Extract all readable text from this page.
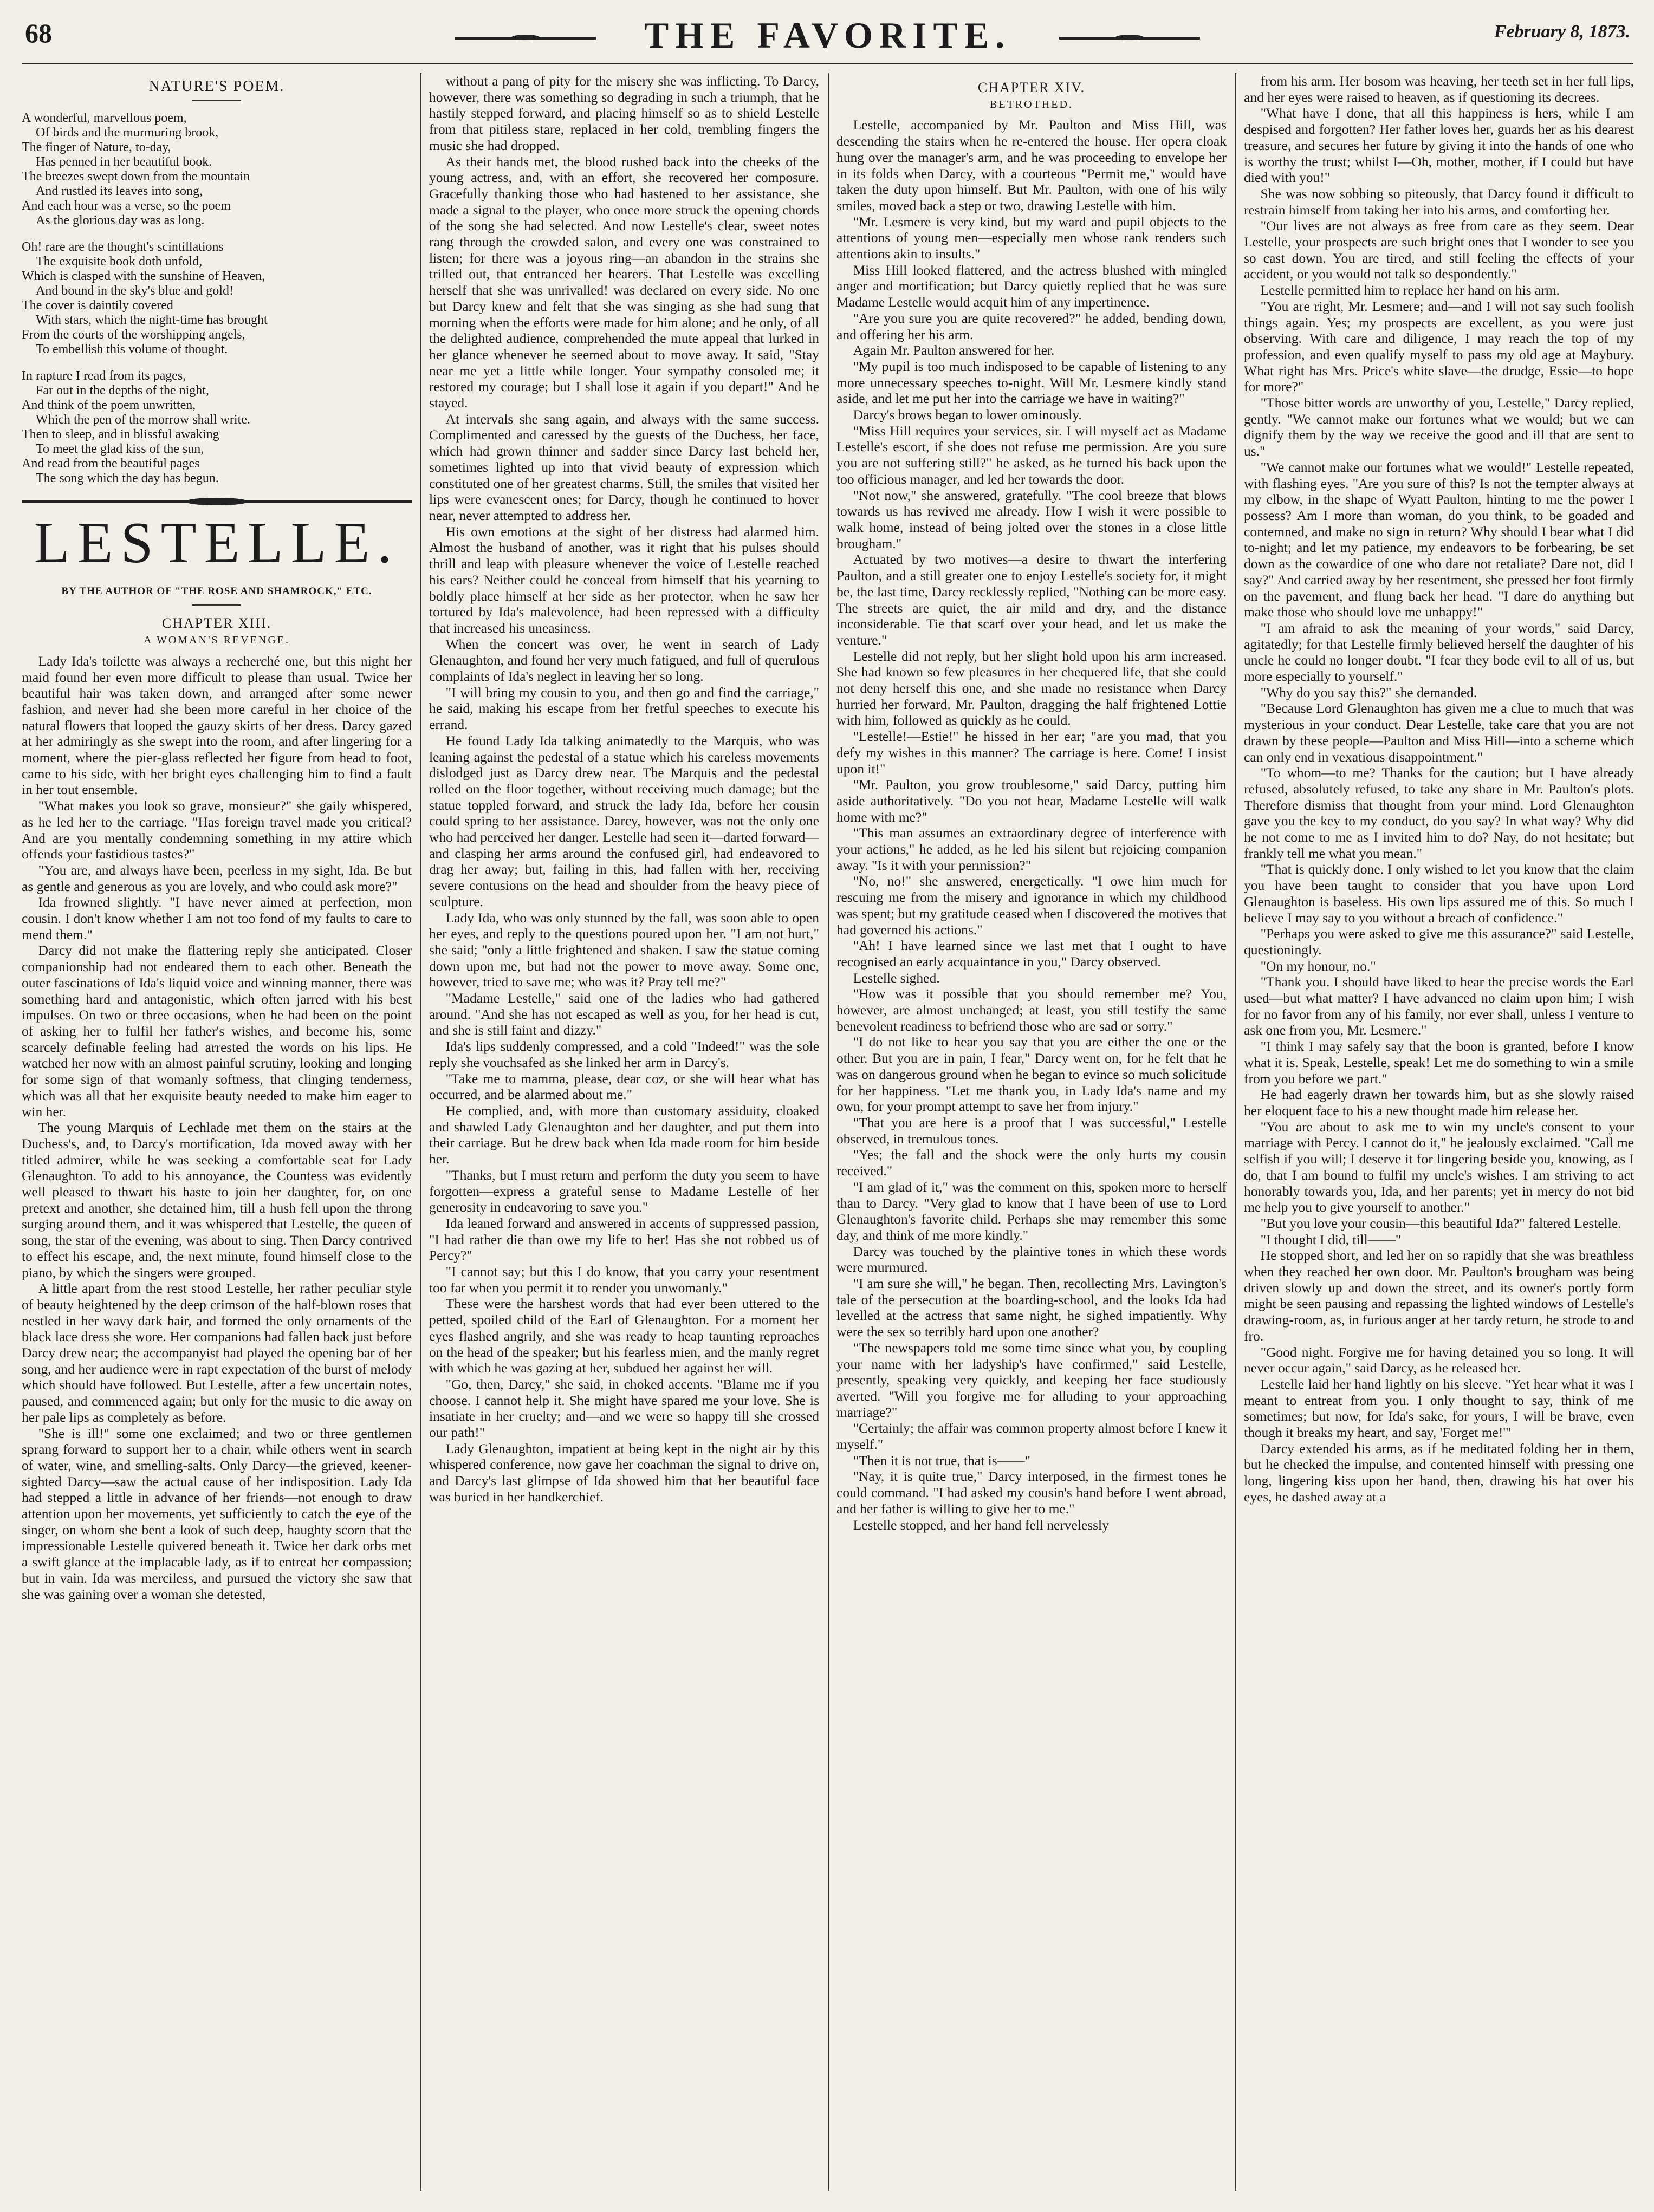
68	THE FAVORITE.	February 8, 1873.
NATURE'S POEM.
A wonderful, marvellous poem,
Of birds and the murmuring brook,
The finger of Nature, to-day,
Has penned in her beautiful book.
The breezes swept down from the mountain
And rustled its leaves into song,
And each hour was a verse, so the poem
As the glorious day was as long.
Oh! rare are the thought's scintillations
The exquisite book doth unfold,
Which is clasped with the sunshine of Heaven,
And bound in the sky's blue and gold!
The cover is daintily covered
With stars, which the night-time has brought
From the courts of the worshipping angels,
To embellish this volume of thought.
In rapture I read from its pages,
Far out in the depths of the night,
And think of the poem unwritten,
Which the pen of the morrow shall write.
Then to sleep, and in blissful awaking
To meet the glad kiss of the sun,
And read from the beautiful pages
The song which the day has begun.
LESTELLE.
BY THE AUTHOR OF "THE ROSE AND SHAMROCK," ETC.
CHAPTER XIII.
A WOMAN'S REVENGE.

Lady Ida's toilette was always a recherché one, but this night her maid found her even more difficult to please than usual. Twice her beautiful hair was taken down, and arranged after some newer fashion, and never had she been more careful in her choice of the natural flowers that looped the gauzy skirts of her dress. Darcy gazed at her admiringly as she swept into the room, and after lingering for a moment, where the pier-glass reflected her figure from head to foot, came to his side, with her bright eyes challenging him to find a fault in her tout ensemble.

"What makes you look so grave, monsieur?" she gaily whispered, as he led her to the carriage. "Has foreign travel made you critical? And are you mentally condemning something in my attire which offends your fastidious tastes?"

"You are, and always have been, peerless in my sight, Ida. Be but as gentle and generous as you are lovely, and who could ask more?"

Ida frowned slightly. "I have never aimed at perfection, mon cousin. I don't know whether I am not too fond of my faults to care to mend them."

Darcy did not make the flattering reply she anticipated. Closer companionship had not endeared them to each other. Beneath the outer fascinations of Ida's liquid voice and winning manner, there was something hard and antagonistic, which often jarred with his best impulses. On two or three occasions, when he had been on the point of asking her to fulfil her father's wishes, and become his, some scarcely definable feeling had arrested the words on his lips. He watched her now with an almost painful scrutiny, looking and longing for some sign of that womanly softness, that clinging tenderness, which was all that her exquisite beauty needed to make him eager to win her.

The young Marquis of Lechlade met them on the stairs at the Duchess's, and, to Darcy's mortification, Ida moved away with her titled admirer, while he was seeking a comfortable seat for Lady Glenaughton. To add to his annoyance, the Countess was evidently well pleased to thwart his haste to join her daughter, for, on one pretext and another, she detained him, till a hush fell upon the throng surging around them, and it was whispered that Lestelle, the queen of song, the star of the evening, was about to sing. Then Darcy contrived to effect his escape, and, the next minute, found himself close to the piano, by which the singers were grouped.

A little apart from the rest stood Lestelle, her rather peculiar style of beauty heightened by the deep crimson of the half-blown roses that nestled in her wavy dark hair, and formed the only ornaments of the black lace dress she wore. Her companions had fallen back just before Darcy drew near; the accompanyist had played the opening bar of her song, and her audience were in rapt expectation of the burst of melody which should have followed. But Lestelle, after a few uncertain notes, paused, and commenced again; but only for the music to die away on her pale lips as completely as before.

"She is ill!" some one exclaimed; and two or three gentlemen sprang forward to support her to a chair, while others went in search of water, wine, and smelling-salts. Only Darcy—the grieved, keener-sighted Darcy—saw the actual cause of her indisposition. Lady Ida had stepped a little in advance of her friends—not enough to draw attention upon her movements, yet sufficiently to catch the eye of the singer, on whom she bent a look of such deep, haughty scorn that the impressionable Lestelle quivered beneath it. Twice her dark orbs met a swift glance at the implacable lady, as if to entreat her compassion; but in vain. Ida was merciless, and pursued the victory she saw that she was gaining over a woman she detested,

without a pang of pity for the misery she was inflicting. To Darcy, however, there was something so degrading in such a triumph, that he hastily stepped forward, and placing himself so as to shield Lestelle from that pitiless stare, replaced in her cold, trembling fingers the music she had dropped.

As their hands met, the blood rushed back into the cheeks of the young actress, and, with an effort, she recovered her composure. Gracefully thanking those who had hastened to her assistance, she made a signal to the player, who once more struck the opening chords of the song she had selected. And now Lestelle's clear, sweet notes rang through the crowded salon, and every one was constrained to listen; for there was a joyous ring—an abandon in the strains she trilled out, that entranced her hearers. That Lestelle was excelling herself that she was unrivalled! was declared on every side. No one but Darcy knew and felt that she was singing as she had sung that morning when the efforts were made for him alone; and he only, of all the delighted audience, comprehended the mute appeal that lurked in her glance whenever he seemed about to move away. It said, "Stay near me yet a little while longer. Your sympathy consoled me; it restored my courage; but I shall lose it again if you depart!" And he stayed.

At intervals she sang again, and always with the same success. Complimented and caressed by the guests of the Duchess, her face, which had grown thinner and sadder since Darcy last beheld her, sometimes lighted up into that vivid beauty of expression which constituted one of her greatest charms. Still, the smiles that visited her lips were evanescent ones; for Darcy, though he continued to hover near, never attempted to address her.

His own emotions at the sight of her distress had alarmed him. Almost the husband of another, was it right that his pulses should thrill and leap with pleasure whenever the voice of Lestelle reached his ears? Neither could he conceal from himself that his yearning to boldly place himself at her side as her protector, when he saw her tortured by Ida's malevolence, had been repressed with a difficulty that increased his uneasiness.

When the concert was over, he went in search of Lady Glenaughton, and found her very much fatigued, and full of querulous complaints of Ida's neglect in leaving her so long.

"I will bring my cousin to you, and then go and find the carriage," he said, making his escape from her fretful speeches to execute his errand.

He found Lady Ida talking animatedly to the Marquis, who was leaning against the pedestal of a statue which his careless movements dislodged just as Darcy drew near. The Marquis and the pedestal rolled on the floor together, without receiving much damage; but the statue toppled forward, and struck the lady Ida, before her cousin could spring to her assistance. Darcy, however, was not the only one who had perceived her danger. Lestelle had seen it—darted forward—and clasping her arms around the confused girl, had endeavored to drag her away; but, failing in this, had fallen with her, receiving severe contusions on the head and shoulder from the heavy piece of sculpture.

Lady Ida, who was only stunned by the fall, was soon able to open her eyes, and reply to the questions poured upon her. "I am not hurt," she said; "only a little frightened and shaken. I saw the statue coming down upon me, but had not the power to move away. Some one, however, tried to save me; who was it? Pray tell me?"

"Madame Lestelle," said one of the ladies who had gathered around. "And she has not escaped as well as you, for her head is cut, and she is still faint and dizzy."

Ida's lips suddenly compressed, and a cold "Indeed!" was the sole reply she vouchsafed as she linked her arm in Darcy's.

"Take me to mamma, please, dear coz, or she will hear what has occurred, and be alarmed about me."

He complied, and, with more than customary assiduity, cloaked and shawled Lady Glenaughton and her daughter, and put them into their carriage. But he drew back when Ida made room for him beside her.

"Thanks, but I must return and perform the duty you seem to have forgotten—express a grateful sense to Madame Lestelle of her generosity in endeavoring to save you."

Ida leaned forward and answered in accents of suppressed passion, "I had rather die than owe my life to her! Has she not robbed us of Percy?"

"I cannot say; but this I do know, that you carry your resentment too far when you permit it to render you unwomanly."

These were the harshest words that had ever been uttered to the petted, spoiled child of the Earl of Glenaughton. For a moment her eyes flashed angrily, and she was ready to heap taunting reproaches on the head of the speaker; but his fearless mien, and the manly regret with which he was gazing at her, subdued her against her will.

"Go, then, Darcy," she said, in choked accents. "Blame me if you choose. I cannot help it. She might have spared me your love. She is insatiate in her cruelty; and—and we were so happy till she crossed our path!"

Lady Glenaughton, impatient at being kept in the night air by this whispered conference, now gave her coachman the signal to drive on, and Darcy's last glimpse of Ida showed him that her beautiful face was buried in her handkerchief.

CHAPTER XIV.
BETROTHED.

Lestelle, accompanied by Mr. Paulton and Miss Hill, was descending the stairs when he re-entered the house. Her opera cloak hung over the manager's arm, and he was proceeding to envelope her in its folds when Darcy, with a courteous "Permit me," would have taken the duty upon himself. But Mr. Paulton, with one of his wily smiles, moved back a step or two, drawing Lestelle with him.

"Mr. Lesmere is very kind, but my ward and pupil objects to the attentions of young men—especially men whose rank renders such attentions akin to insults."

Miss Hill looked flattered, and the actress blushed with mingled anger and mortification; but Darcy quietly replied that he was sure Madame Lestelle would acquit him of any impertinence.

"Are you sure you are quite recovered?" he added, bending down, and offering her his arm.

Again Mr. Paulton answered for her.

"My pupil is too much indisposed to be capable of listening to any more unnecessary speeches to-night. Will Mr. Lesmere kindly stand aside, and let me put her into the carriage we have in waiting?"

Darcy's brows began to lower ominously.

"Miss Hill requires your services, sir. I will myself act as Madame Lestelle's escort, if she does not refuse me permission. Are you sure you are not suffering still?" he asked, as he turned his back upon the too officious manager, and led her towards the door.

"Not now," she answered, gratefully. "The cool breeze that blows towards us has revived me already. How I wish it were possible to walk home, instead of being jolted over the stones in a close little brougham."

Actuated by two motives—a desire to thwart the interfering Paulton, and a still greater one to enjoy Lestelle's society for, it might be, the last time, Darcy recklessly replied, "Nothing can be more easy. The streets are quiet, the air mild and dry, and the distance inconsiderable. Tie that scarf over your head, and let us make the venture."

Lestelle did not reply, but her slight hold upon his arm increased. She had known so few pleasures in her chequered life, that she could not deny herself this one, and she made no resistance when Darcy hurried her forward. Mr. Paulton, dragging the half frightened Lottie with him, followed as quickly as he could.

"Lestelle!—Estie!" he hissed in her ear; "are you mad, that you defy my wishes in this manner? The carriage is here. Come! I insist upon it!"

"Mr. Paulton, you grow troublesome," said Darcy, putting him aside authoritatively. "Do you not hear, Madame Lestelle will walk home with me?"

"This man assumes an extraordinary degree of interference with your actions," he added, as he led his silent but rejoicing companion away. "Is it with your permission?"

"No, no!" she answered, energetically. "I owe him much for rescuing me from the misery and ignorance in which my childhood was spent; but my gratitude ceased when I discovered the motives that had governed his actions."

"Ah! I have learned since we last met that I ought to have recognised an early acquaintance in you," Darcy observed.

Lestelle sighed.

"How was it possible that you should remember me? You, however, are almost unchanged; at least, you still testify the same benevolent readiness to befriend those who are sad or sorry."

"I do not like to hear you say that you are either the one or the other. But you are in pain, I fear," Darcy went on, for he felt that he was on dangerous ground when he began to evince so much solicitude for her happiness. "Let me thank you, in Lady Ida's name and my own, for your prompt attempt to save her from injury."

"That you are here is a proof that I was successful," Lestelle observed, in tremulous tones.

"Yes; the fall and the shock were the only hurts my cousin received."

"I am glad of it," was the comment on this, spoken more to herself than to Darcy. "Very glad to know that I have been of use to Lord Glenaughton's favorite child. Perhaps she may remember this some day, and think of me more kindly."

Darcy was touched by the plaintive tones in which these words were murmured.

"I am sure she will," he began. Then, recollecting Mrs. Lavington's tale of the persecution at the boarding-school, and the looks Ida had levelled at the actress that same night, he sighed impatiently. Why were the sex so terribly hard upon one another?

"The newspapers told me some time since what you, by coupling your name with her ladyship's have confirmed," said Lestelle, presently, speaking very quickly, and keeping her face studiously averted. "Will you forgive me for alluding to your approaching marriage?"

"Certainly; the affair was common property almost before I knew it myself."

"Then it is not true, that is——"

"Nay, it is quite true," Darcy interposed, in the firmest tones he could command. "I had asked my cousin's hand before I went abroad, and her father is willing to give her to me."

Lestelle stopped, and her hand fell nervelessly

from his arm. Her bosom was heaving, her teeth set in her full lips, and her eyes were raised to heaven, as if questioning its decrees.

"What have I done, that all this happiness is hers, while I am despised and forgotten? Her father loves her, guards her as his dearest treasure, and secures her future by giving it into the hands of one who is worthy the trust; whilst I—Oh, mother, mother, if I could but have died with you!"

She was now sobbing so piteously, that Darcy found it difficult to restrain himself from taking her into his arms, and comforting her.

"Our lives are not always as free from care as they seem. Dear Lestelle, your prospects are such bright ones that I wonder to see you so cast down. You are tired, and still feeling the effects of your accident, or you would not talk so despondently."

Lestelle permitted him to replace her hand on his arm.

"You are right, Mr. Lesmere; and—and I will not say such foolish things again. Yes; my prospects are excellent, as you were just observing. With care and diligence, I may reach the top of my profession, and even qualify myself to pass my old age at Maybury. What right has Mrs. Price's white slave—the drudge, Essie—to hope for more?"

"Those bitter words are unworthy of you, Lestelle," Darcy replied, gently. "We cannot make our fortunes what we would; but we can dignify them by the way we receive the good and ill that are sent to us."

"We cannot make our fortunes what we would!" Lestelle repeated, with flashing eyes. "Are you sure of this? Is not the tempter always at my elbow, in the shape of Wyatt Paulton, hinting to me the power I possess? Am I more than woman, do you think, to be goaded and contemned, and make no sign in return? Why should I bear what I did to-night; and let my patience, my endeavors to be forbearing, be set down as the cowardice of one who dare not retaliate? Dare not, did I say?" And carried away by her resentment, she pressed her foot firmly on the pavement, and flung back her head. "I dare do anything but make those who should love me unhappy!"

"I am afraid to ask the meaning of your words," said Darcy, agitatedly; for that Lestelle firmly believed herself the daughter of his uncle he could no longer doubt. "I fear they bode evil to all of us, but more especially to yourself."

"Why do you say this?" she demanded.

"Because Lord Glenaughton has given me a clue to much that was mysterious in your conduct. Dear Lestelle, take care that you are not drawn by these people—Paulton and Miss Hill—into a scheme which can only end in vexatious disappointment."

"To whom—to me? Thanks for the caution; but I have already refused, absolutely refused, to take any share in Mr. Paulton's plots. Therefore dismiss that thought from your mind. Lord Glenaughton gave you the key to my conduct, do you say? In what way? Why did he not come to me as I invited him to do? Nay, do not hesitate; but frankly tell me what you mean."

"That is quickly done. I only wished to let you know that the claim you have been taught to consider that you have upon Lord Glenaughton is baseless. His own lips assured me of this. So much I believe I may say to you without a breach of confidence."

"Perhaps you were asked to give me this assurance?" said Lestelle, questioningly.

"On my honour, no."

"Thank you. I should have liked to hear the precise words the Earl used—but what matter? I have advanced no claim upon him; I wish for no favor from any of his family, nor ever shall, unless I venture to ask one from you, Mr. Lesmere."

"I think I may safely say that the boon is granted, before I know what it is. Speak, Lestelle, speak! Let me do something to win a smile from you before we part."

He had eagerly drawn her towards him, but as she slowly raised her eloquent face to his a new thought made him release her.

"You are about to ask me to win my uncle's consent to your marriage with Percy. I cannot do it," he jealously exclaimed. "Call me selfish if you will; I deserve it for lingering beside you, knowing, as I do, that I am bound to fulfil my uncle's wishes. I am striving to act honorably towards you, Ida, and her parents; yet in mercy do not bid me help you to give yourself to another."

"But you love your cousin—this beautiful Ida?" faltered Lestelle.

"I thought I did, till——"

He stopped short, and led her on so rapidly that she was breathless when they reached her own door. Mr. Paulton's brougham was being driven slowly up and down the street, and its owner's portly form might be seen pausing and repassing the lighted windows of Lestelle's drawing-room, as, in furious anger at her tardy return, he strode to and fro.

"Good night. Forgive me for having detained you so long. It will never occur again," said Darcy, as he released her.

Lestelle laid her hand lightly on his sleeve. "Yet hear what it was I meant to entreat from you. I only thought to say, think of me sometimes; but now, for Ida's sake, for yours, I will be brave, even though it breaks my heart, and say, 'Forget me!'"

Darcy extended his arms, as if he meditated folding her in them, but he checked the impulse, and contented himself with pressing one long, lingering kiss upon her hand, then, drawing his hat over his eyes, he dashed away at a
